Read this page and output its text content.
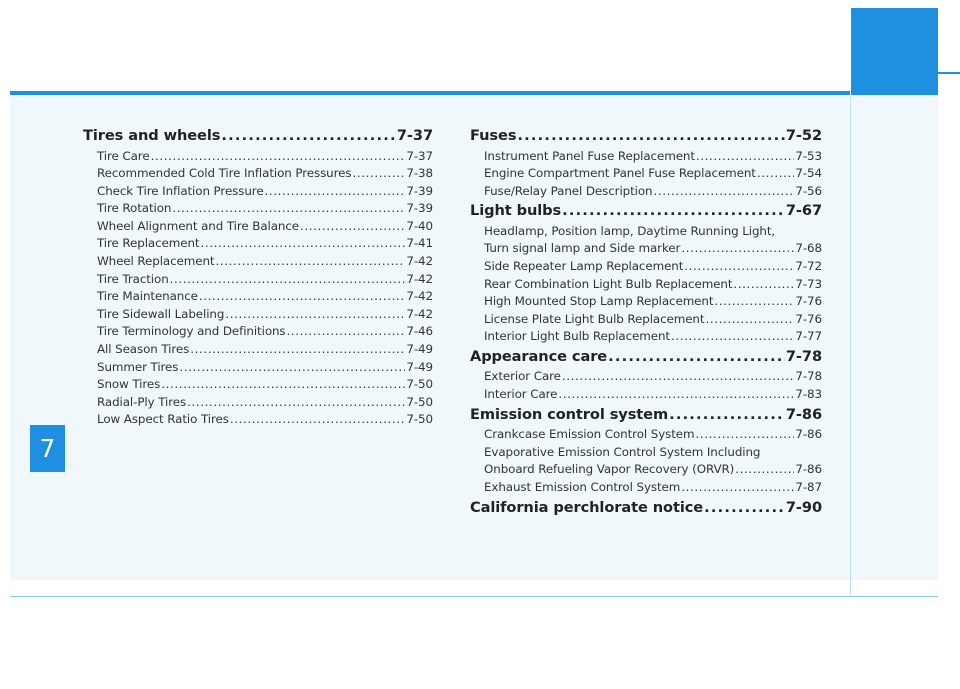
7
Tires and wheels .....	7-37
Tire Care .....	7-37
Recommended Cold Tire Inflation Pressures .....	7-38
Check Tire Inflation Pressure .....	7-39
Tire Rotation .....	7-39
Wheel Alignment and Tire Balance .....	7-40
Tire Replacement .....	7-41
Wheel Replacement .....	7-42
Tire Traction .....	7-42
Tire Maintenance .....	7-42
Tire Sidewall Labeling .....	7-42
Tire Terminology and Definitions .....	7-46
All Season Tires .....	7-49
Summer Tires .....	7-49
Snow Tires .....	7-50
Radial-Ply Tires .....	7-50
Low Aspect Ratio Tires .....	7-50
Fuses .....	7-52
Instrument Panel Fuse Replacement .....	7-53
Engine Compartment Panel Fuse Replacement .....	7-54
Fuse/Relay Panel Description .....	7-56
Light bulbs .....	7-67
Headlamp, Position lamp, Daytime Running Light,
Turn signal lamp and Side marker .....	7-68
Side Repeater Lamp Replacement .....	7-72
Rear Combination Light Bulb Replacement .....	7-73
High Mounted Stop Lamp Replacement .....	7-76
License Plate Light Bulb Replacement .....	7-76
Interior Light Bulb Replacement .....	7-77
Appearance care .....	7-78
Exterior Care .....	7-78
Interior Care .....	7-83
Emission control system .....	7-86
Crankcase Emission Control System .....	7-86
Evaporative Emission Control System Including
Onboard Refueling Vapor Recovery (ORVR) .....	7-86
Exhaust Emission Control System .....	7-87
California perchlorate notice .....	7-90
